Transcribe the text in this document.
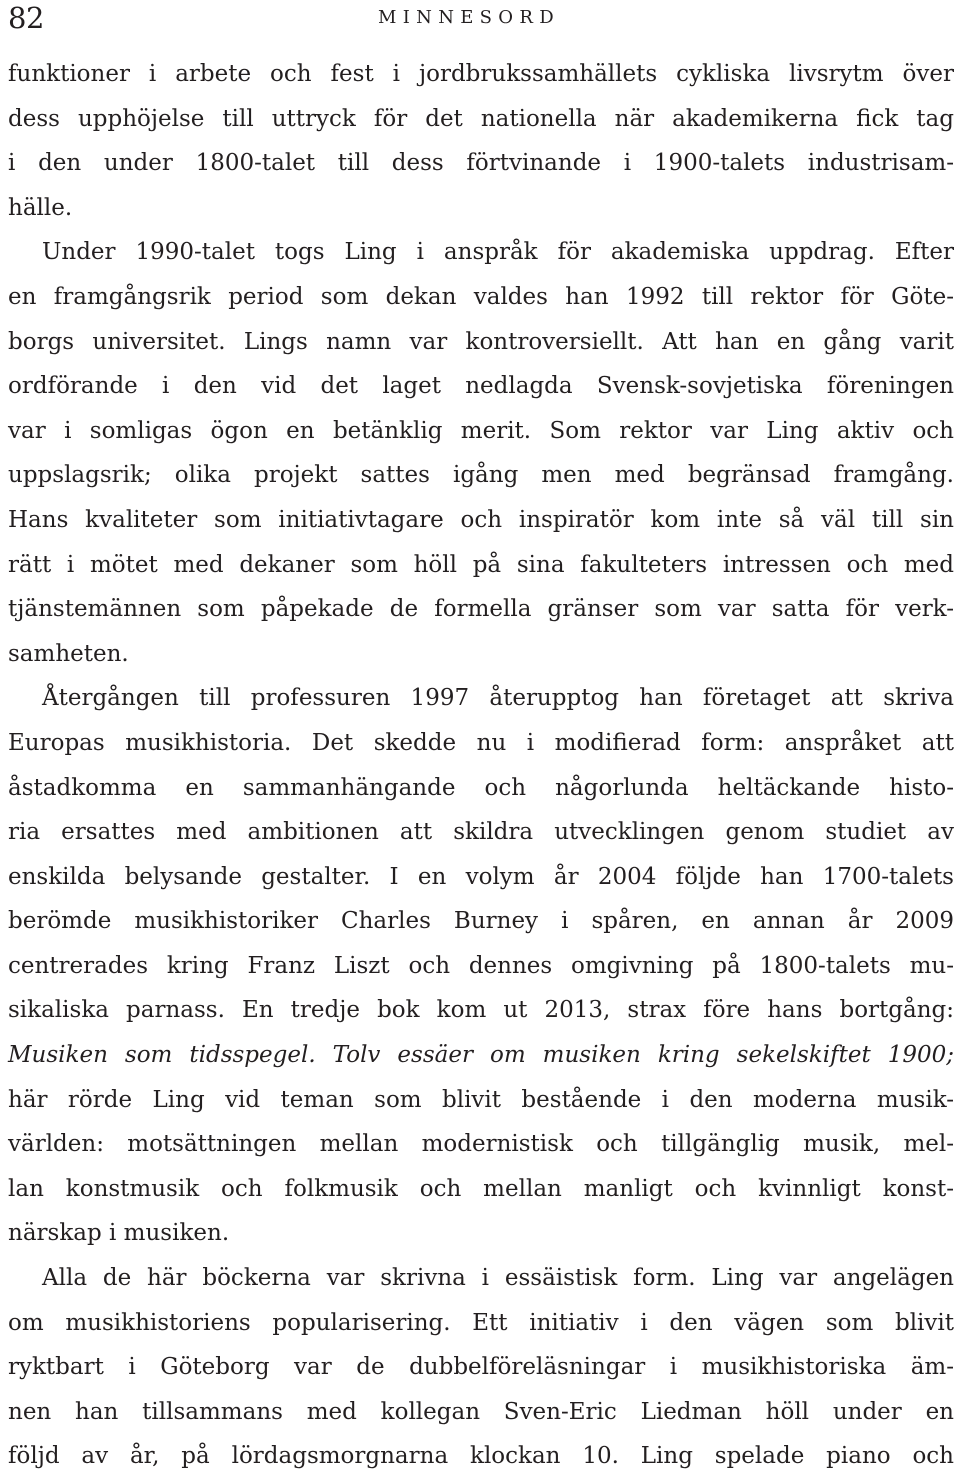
82	MINNESORD
funktioner i arbete och fest i jordbrukssamhällets cykliska livsrytm över
dess upphöjelse till uttryck för det nationella när akademikerna fick tag
i den under 1800-talet till dess förtvinande i 1900-talets industrisam-
hälle.
Under 1990-talet togs Ling i anspråk för akademiska uppdrag. Efter
en framgångsrik period som dekan valdes han 1992 till rektor för Göte-
borgs universitet. Lings namn var kontroversiellt. Att han en gång varit
ordförande i den vid det laget nedlagda Svensk-sovjetiska föreningen
var i somligas ögon en betänklig merit. Som rektor var Ling aktiv och
uppslagsrik; olika projekt sattes igång men med begränsad framgång.
Hans kvaliteter som initiativtagare och inspiratör kom inte så väl till sin
rätt i mötet med dekaner som höll på sina fakulteters intressen och med
tjänstemännen som påpekade de formella gränser som var satta för verk-
samheten.
Återgången till professuren 1997 återupptog han företaget att skriva
Europas musikhistoria. Det skedde nu i modifierad form: anspråket att
åstadkomma en sammanhängande och någorlunda heltäckande histo-
ria ersattes med ambitionen att skildra utvecklingen genom studiet av
enskilda belysande gestalter. I en volym år 2004 följde han 1700-talets
berömde musikhistoriker Charles Burney i spåren, en annan år 2009
centrerades kring Franz Liszt och dennes omgivning på 1800-talets mu-
sikaliska parnass. En tredje bok kom ut 2013, strax före hans bortgång:
Musiken som tidsspegel. Tolv essäer om musiken kring sekelskiftet 1900;
här rörde Ling vid teman som blivit bestående i den moderna musik-
världen: motsättningen mellan modernistisk och tillgänglig musik, mel-
lan konstmusik och folkmusik och mellan manligt och kvinnligt konst-
närskap i musiken.
Alla de här böckerna var skrivna i essäistisk form. Ling var angelägen
om musikhistoriens popularisering. Ett initiativ i den vägen som blivit
ryktbart i Göteborg var de dubbelföreläsningar i musikhistoriska äm-
nen han tillsammans med kollegan Sven-Eric Liedman höll under en
följd av år, på lördagsmorgnarna klockan 10. Ling spelade piano och
